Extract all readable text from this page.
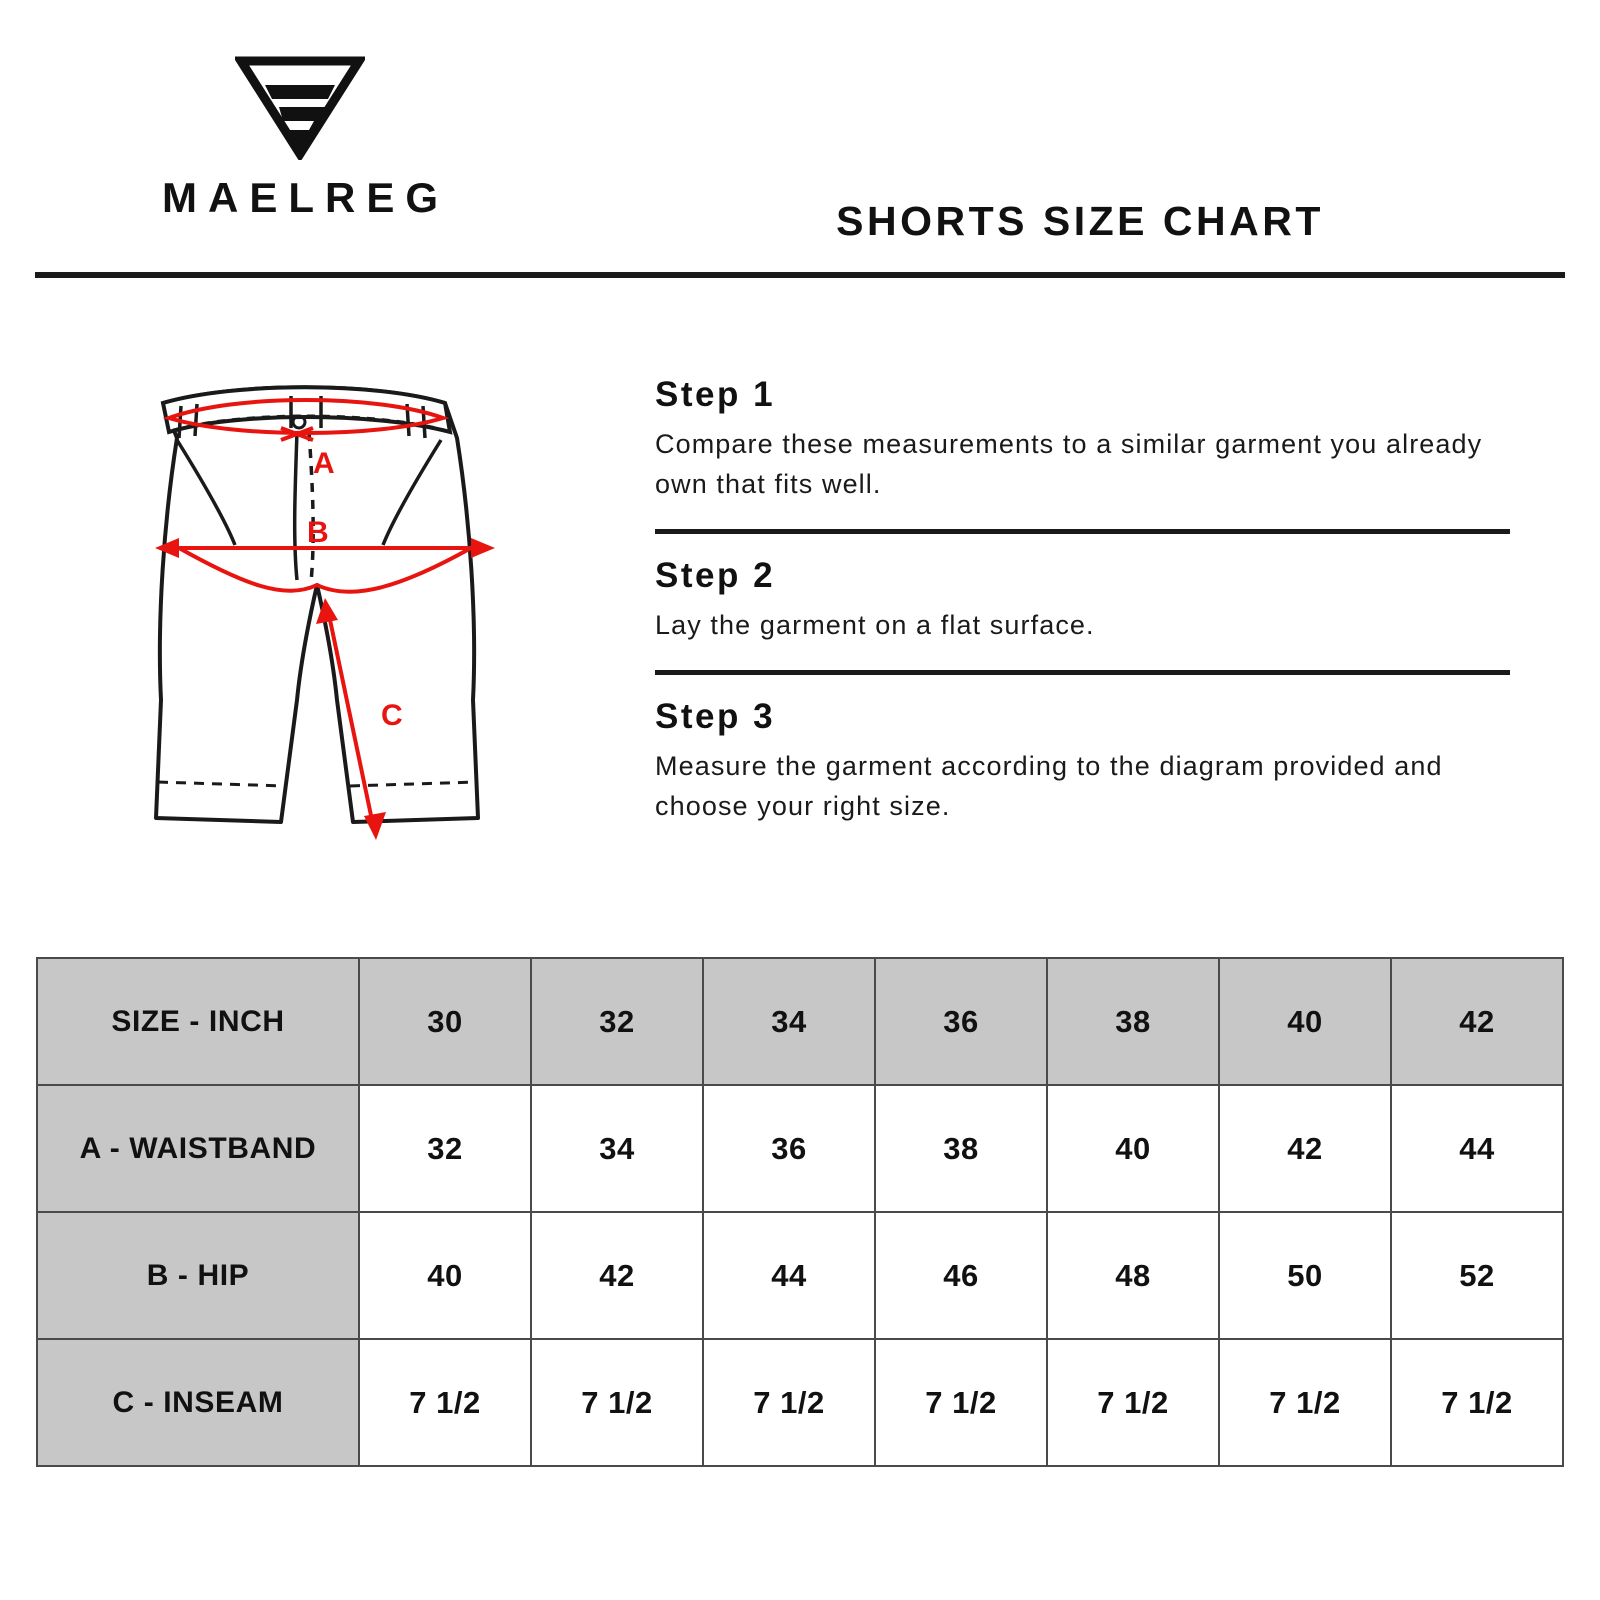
MAELREG	SHORTS SIZE CHART
A
B
C
Step 1

Compare these measurements to a similar garment you already own that fits well.

Step 2

Lay the garment on a flat surface.

Step 3

Measure the garment according to the diagram provided and choose your right size.

SIZE - INCH	30	32	34	36	38	40	42
A - WAISTBAND	32	34	36	38	40	42	44
B - HIP	40	42	44	46	48	50	52
C - INSEAM	7 1/2	7 1/2	7 1/2	7 1/2	7 1/2	7 1/2	7 1/2
